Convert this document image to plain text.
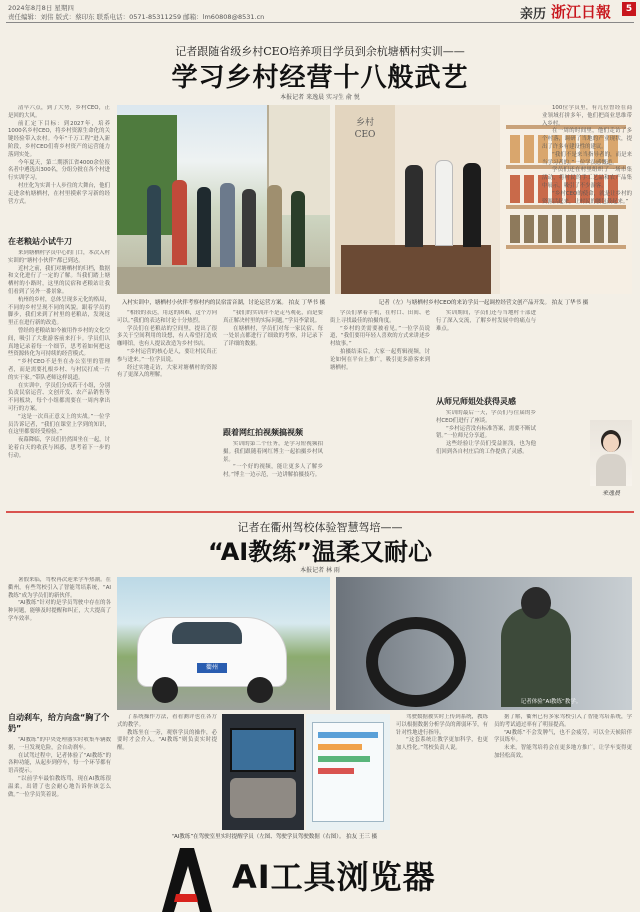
2024年8月8日 星期四
责任编辑：刘伟 版式：蔡印东 联系电话：0571-85311259 邮箱：lm60808@8531.cn	亲历 浙江日報	5
记者跟随省级乡村CEO培养项目学员到余杭塘栖村实训——
学习乡村经营十八般武艺
本报记者 来逸晨 实习生 俞 悦

清早六点，到了大势，乡村CEO，正是回的大风。

前汇定下目标：到2027年，培养1000名乡村CEO，将乡村资源生命化的关键经验带入农村。今年“千万工程”进入新阶段，乡村CEO们将乡村资产的运营能力落到实处。

今年夏天，第二期浙江省4000余位报名者中遴选出300名，分组分批在各个村进行实训学习。

村庄化为实训十人步往的大舞台，他们走进余杭塘栖村，在村里摸索学习新的经营方式。

在老粮站小试牛刀

来到塘栖村学员中心的门口，本次入村实训的“塘村小伙伴”都已到达。

近村之前，我们对塘栖村的归档，数据和文化进行了一定的了解。当我们踏上塘栖村的小路时，这里的民宿和老粮站让我们看到了另外一番景象。

杭州的乡村，总体呈现多元化的格局，不同的乡村呈现不同的风貌。跟着学员的脚步，我们来到了村里的老粮站，发现这里正在进行新的改造。

曾经的老粮站如今被用作乡村的文化空间，吸引了大批游客前来打卡。学员们认真地记录着每一个细节，思考着如何把这些资源转化为可持续的经营模式。

“乡村CEO不是坐在办公室里的管理者，而是需要扎根乡村、与村民打成一片的实干家。”带队老师这样说道。

在实训中，学员们分成若干小组，分别负责民宿运营、文创开发、农产品销售等不同板块，每个小组都需要在一周内拿出可行的方案。

“这是一次真正意义上的实战。”一位学员告诉记者，“我们在课堂上学到的知识，在这里都要经受检验。”

夜幕降临，学员们仍然围坐在一起，讨论着白天的收获与困惑，思考着下一步的行动。

乡村CEO
入村实训中，塘栖村小伙伴考察村内的民宿雷音湖，讨论运营方案。 拍友 丁华书 摄	记者（左）与塘栖村乡村CEO的来访学员一起调控经营文创产品开发。 拍友 丁华书 摄

“相较的表达，用这的困难，这个方向可以。”我们的表达和讨论十分热烈。

学员们在老粮站的空间里，提出了很多关于空间利用的设想，有人希望打造成咖啡馆，也有人提议改造为乡村书店。

“乡村运营的核心是人，要让村民真正参与进来。”一位学员说。

经过实地走访，大家对塘栖村的资源有了更深入的理解。

“我们的实训并不是走马观花，而是要真正解决村里的实际问题。”学员李蒙说。

在塘栖村，学员们对每一家民宿、每一处景点都进行了细致的考察，并记录下了详细的数据。

跟着网红拍视频搞视频

实训的第二个任务，是学习短视频拍摄。我们跟随着网红博主一起拍摄乡村风景。

“一个好的视频，能让更多人了解乡村。”博主一边示范，一边讲解拍摄技巧。

学员们拿着手机，在村口、田间、老街上寻找最佳的拍摄角度。

“乡村的美需要被看见。”一位学员说道，“我们要用年轻人喜欢的方式来讲述乡村故事。”

拍摄结束后，大家一起剪辑视频，讨论如何在平台上推广，吸引更多游客来到塘栖村。

实训期间，学员们还与当地村干部进行了深入交流，了解乡村发展中的痛点与难点。

从师兄师姐处获得灵感

实训的最后一天，学员们与往届的乡村CEO们进行了座谈。

“乡村运营没有标准答案，需要不断试错。”一位师兄分享道。

这些经验让学员们受益匪浅，也为他们回到各自村庄后的工作提供了灵感。

100位学员里，有几位曾经在商业领域打拼多年，他们把商业思维带入乡村。

在一周的时间里，他们走访了多个村落，调研了当地的产业现状，提出了许多有建设性的建议。

“我们不是来当指导者的，而是来当学习者的。”一位学员感慨道。

学员们还在村里组织了一场市集活动，将村民的手工艺品和农产品集中展示，吸引了不少游客。

“乡村CEO的使命，就是让乡村的资源活起来，让村民的腰包鼓起来。”

来逸晨
记者在衢州驾校体验智慧驾培——
“AI教练”温柔又耐心
本报记者 林 雨

暑假来临，驾校再次迎来学车热潮。在衢州，有些驾校引入了智能驾培系统，“AI教练”成为学员们的新伙伴。

“AI教练”针对的是学员驾驶中存在的各种问题，能够及时提醒和纠正，大大提高了学车效率。

自动刹车，给方向盘“胸了个奶”

“AI教练”的中央处理器实时收集车辆数据，一旦发现危险，会自动刹车。

在试驾过程中，记者体验了“AI教练”的各种功能，从起步到停车，每一个环节都有语音提示。

“以前学车最怕教练骂，现在AI教练很温柔，出错了也会耐心地告诉你该怎么做。”一位学员笑着说。

衢州
记者体验“AI教练”教学。
“AI教练”在驾驶室里实时提醒学员（左图、驾驶学员驾驶数据（右图）。 拍友 王三 摄

了系统操作方法，看看测评也在各方式的教学。

教练坐在一旁，观察学员的操作，必要时才会介入。“AI教练”则负责实时提醒。

驾驶数据被实时上传到系统，教练可以根据数据分析学员的薄弱环节，有针对性地进行指导。

“这套系统让教学更加科学，也更加人性化。”驾校负责人说。

据了解，衢州已有多家驾校引入了智能驾培系统，学员的考试通过率有了明显提高。

“AI教练”不会发脾气，也不会疲劳，可以全天候陪伴学员练车。

未来，智能驾培将会在更多地方推广，让学车变得更加轻松高效。

AI工具浏览器
